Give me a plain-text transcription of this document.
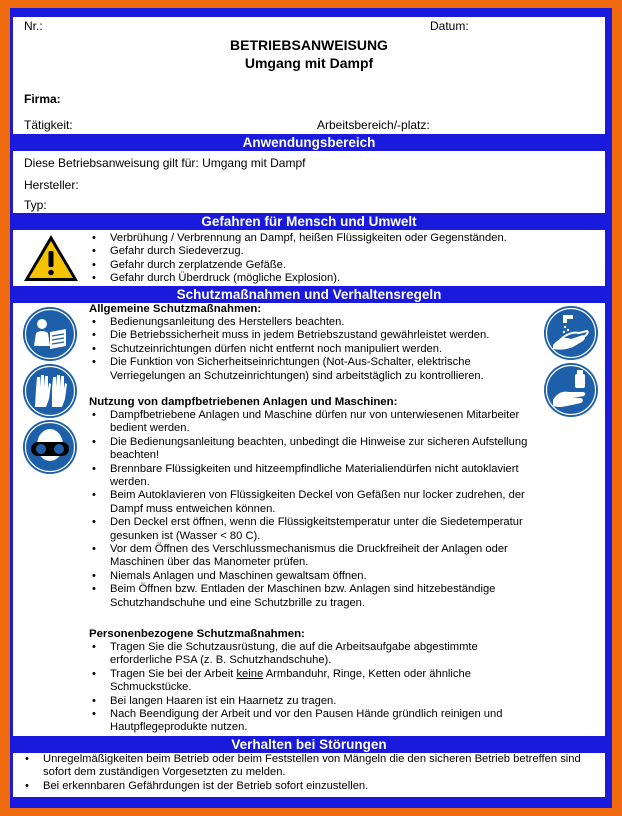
Nr.:	Datum:
BETRIEBSANWEISUNG
Umgang mit Dampf
Firma:
Tätigkeit:	Arbeitsbereich/-platz:
Anwendungsbereich
Diese Betriebsanweisung gilt für: Umgang mit Dampf
Hersteller:
Typ:
Gefahren für Mensch und Umwelt
• Verbrühung / Verbrennung an Dampf, heißen Flüssigkeiten oder Gegenständen.
• Gefahr durch Siedeverzug.
• Gefahr durch zerplatzende Gefäße.
• Gefahr durch Überdruck (mögliche Explosion).
Schutzmaßnahmen und Verhaltensregeln
Allgemeine Schutzmaßnahmen:
• Bedienungsanleitung des Herstellers beachten.
• Die Betriebssicherheit muss in jedem Betriebszustand gewährleistet werden.
• Schutzeinrichtungen dürfen nicht entfernt noch manipuliert werden.
• Die Funktion von Sicherheitseinrichtungen (Not-Aus-Schalter, elektrische Verriegelungen an Schutzeinrichtungen) sind arbeitstäglich zu kontrollieren.
Nutzung von dampfbetriebenen Anlagen und Maschinen:
• Dampfbetriebene Anlagen und Maschine dürfen nur von unterwiesenen Mitarbeiter bedient werden.
• Die Bedienungsanleitung beachten, unbedingt die Hinweise zur sicheren Aufstellung beachten!
• Brennbare Flüssigkeiten und hitzeempfindliche Materialiendürfen nicht autoklaviert werden.
• Beim Autoklavieren von Flüssigkeiten Deckel von Gefäßen nur locker zudrehen, der Dampf muss entweichen können.
• Den Deckel erst öffnen, wenn die Flüssigkeitstemperatur unter die Siedetemperatur gesunken ist (Wasser < 80 C).
• Vor dem Öffnen des Verschlussmechanismus die Druckfreiheit der Anlagen oder Maschinen über das Manometer prüfen.
• Niemals Anlagen und Maschinen gewaltsam öffnen.
• Beim Öffnen bzw. Entladen der Maschinen bzw. Anlagen sind hitzebeständige Schutzhandschuhe und eine Schutzbrille zu tragen.
Personenbezogene Schutzmaßnahmen:
• Tragen Sie die Schutzausrüstung, die auf die Arbeitsaufgabe abgestimmte erforderliche PSA (z. B. Schutzhandschuhe).
• Tragen Sie bei der Arbeit keine Armbanduhr, Ringe, Ketten oder ähnliche Schmuckstücke.
• Bei langen Haaren ist ein Haarnetz zu tragen.
• Nach Beendigung der Arbeit und vor den Pausen Hände gründlich reinigen und Hautpflegeprodukte nutzen.
Verhalten bei Störungen
• Unregelmäßigkeiten beim Betrieb oder beim Feststellen von Mängeln die den sicheren Betrieb betreffen sind sofort dem zuständigen Vorgesetzten zu melden.
• Bei erkennbaren Gefährdungen ist der Betrieb sofort einzustellen.
